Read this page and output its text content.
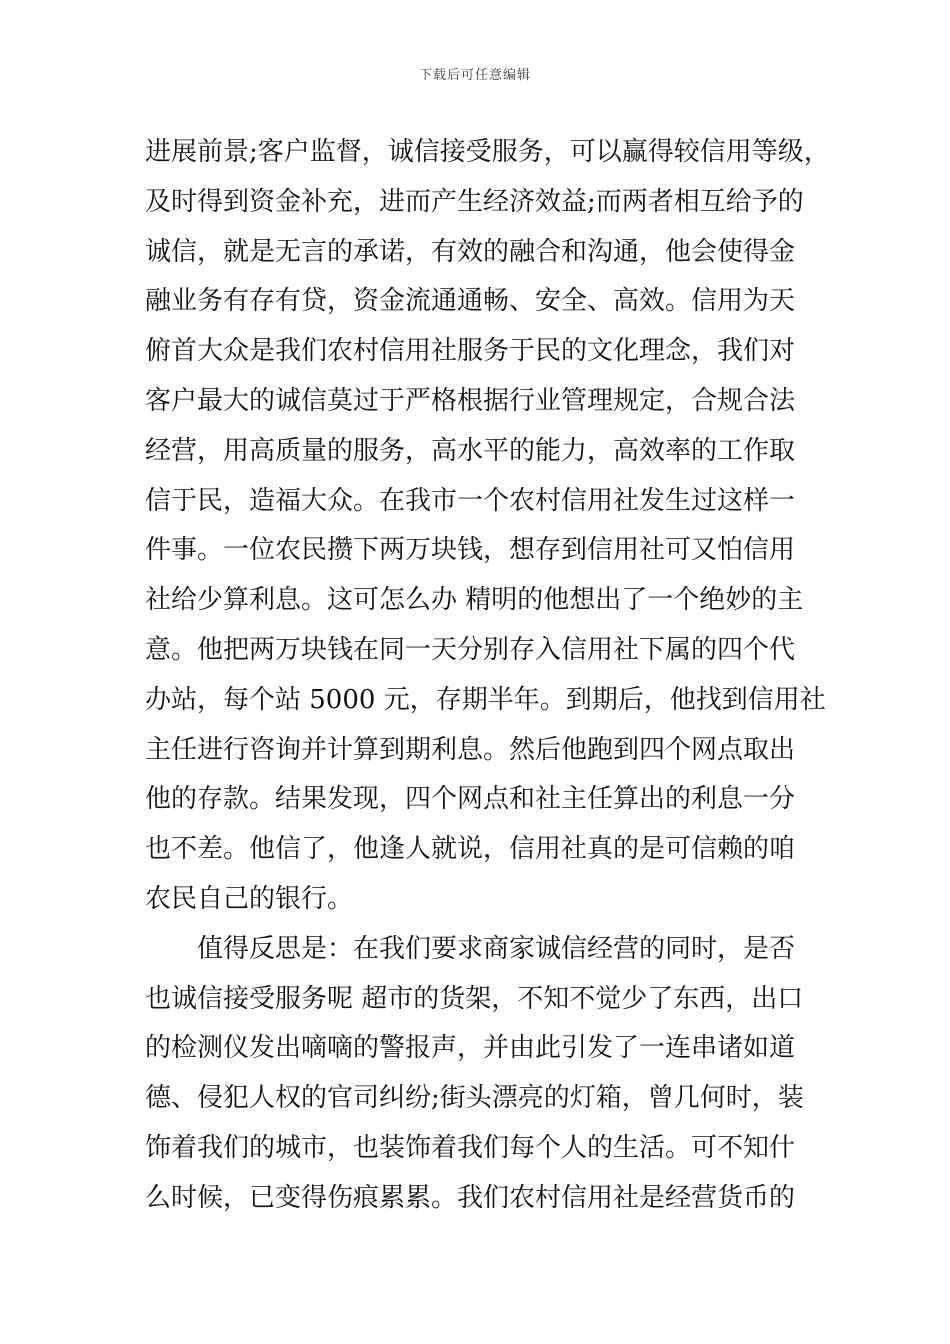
下载后可任意编辑
进展前景;客户监督，诚信接受服务，可以赢得较信用等级，
及时得到资金补充，进而产生经济效益;而两者相互给予的
诚信，就是无言的承诺，有效的融合和沟通，他会使得金
融业务有存有贷，资金流通通畅、安全、高效。信用为天
俯首大众是我们农村信用社服务于民的文化理念，我们对
客户最大的诚信莫过于严格根据行业管理规定，合规合法
经营，用高质量的服务，高水平的能力，高效率的工作取
信于民，造福大众。在我市一个农村信用社发生过这样一
件事。一位农民攒下两万块钱，想存到信用社可又怕信用
社给少算利息。这可怎么办 精明的他想出了一个绝妙的主
意。他把两万块钱在同一天分别存入信用社下属的四个代
办站，每个站 5000 元，存期半年。到期后，他找到信用社
主任进行咨询并计算到期利息。然后他跑到四个网点取出
他的存款。结果发现，四个网点和社主任算出的利息一分
也不差。他信了，他逢人就说，信用社真的是可信赖的咱
农民自己的银行。
值得反思是：在我们要求商家诚信经营的同时，是否
也诚信接受服务呢 超市的货架，不知不觉少了东西，出口
的检测仪发出嘀嘀的警报声，并由此引发了一连串诸如道
德、侵犯人权的官司纠纷;街头漂亮的灯箱，曾几何时，装
饰着我们的城市，也装饰着我们每个人的生活。可不知什
么时候，已变得伤痕累累。我们农村信用社是经营货币的
